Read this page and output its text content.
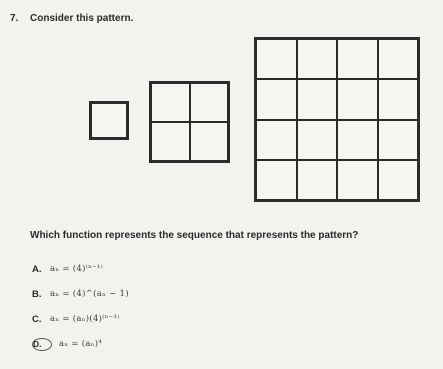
7. Consider this pattern.
Which function represents the sequence that represents the pattern?
A.	aₙ = (4)⁽ⁿ⁻¹⁾
B.	aₙ = (4)^(aₙ − 1)
C.	aₙ = (aₙ)(4)⁽ⁿ⁻¹⁾
D.	aₙ = (aₙ)⁴
